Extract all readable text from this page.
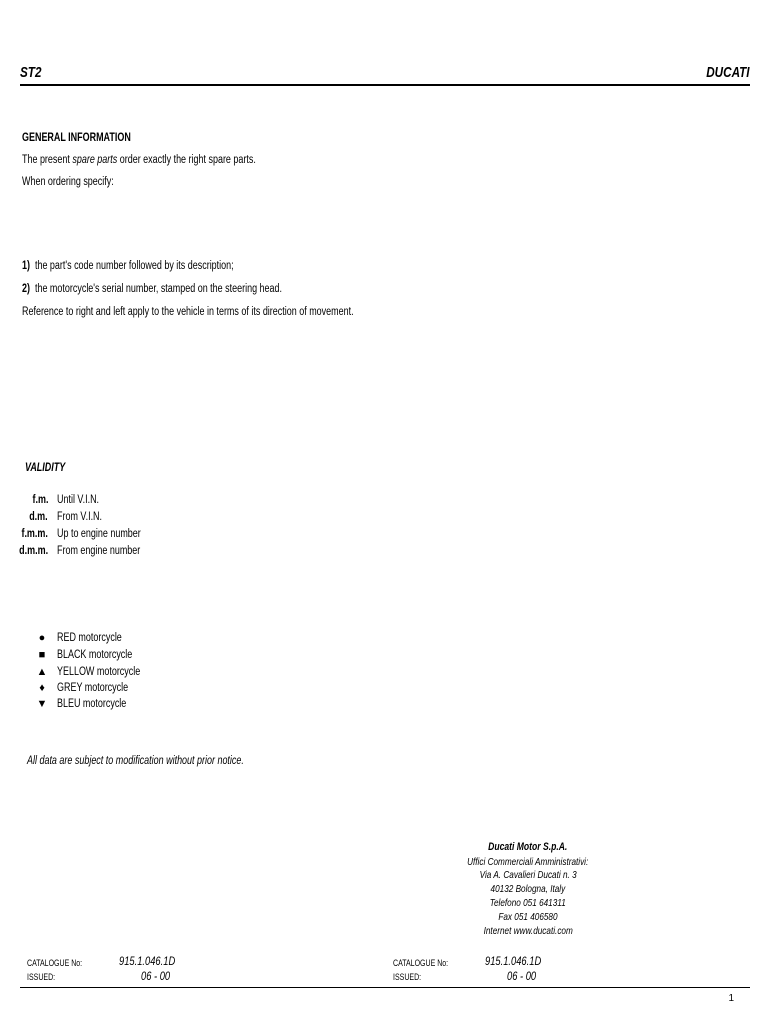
ST2	DUCATI
GENERAL INFORMATION
The present spare parts order exactly the right spare parts.
When ordering specify:
1) the part's code number followed by its description;
2) the motorcycle's serial number, stamped on the steering head.
Reference to right and left apply to the vehicle in terms of its direction of movement.
VALIDITY
f.m. Until V.I.N.
d.m. From V.I.N.
f.m.m. Up to engine number
d.m.m. From engine number
● RED motorcycle
■ BLACK motorcycle
▲ YELLOW motorcycle
♦ GREY motorcycle
▼ BLEU motorcycle
All data are subject to modification without prior notice.
Ducati Motor S.p.A.
Uffici Commerciali Amministrativi:
Via A. Cavalieri Ducati n. 3
40132 Bologna, Italy
Telefono 051 641311
Fax 051 406580
Internet www.ducati.com
CATALOGUE No:	915.1.046.1D
ISSUED:	06 - 00
CATALOGUE No:	915.1.046.1D
ISSUED:	06 - 00
1
